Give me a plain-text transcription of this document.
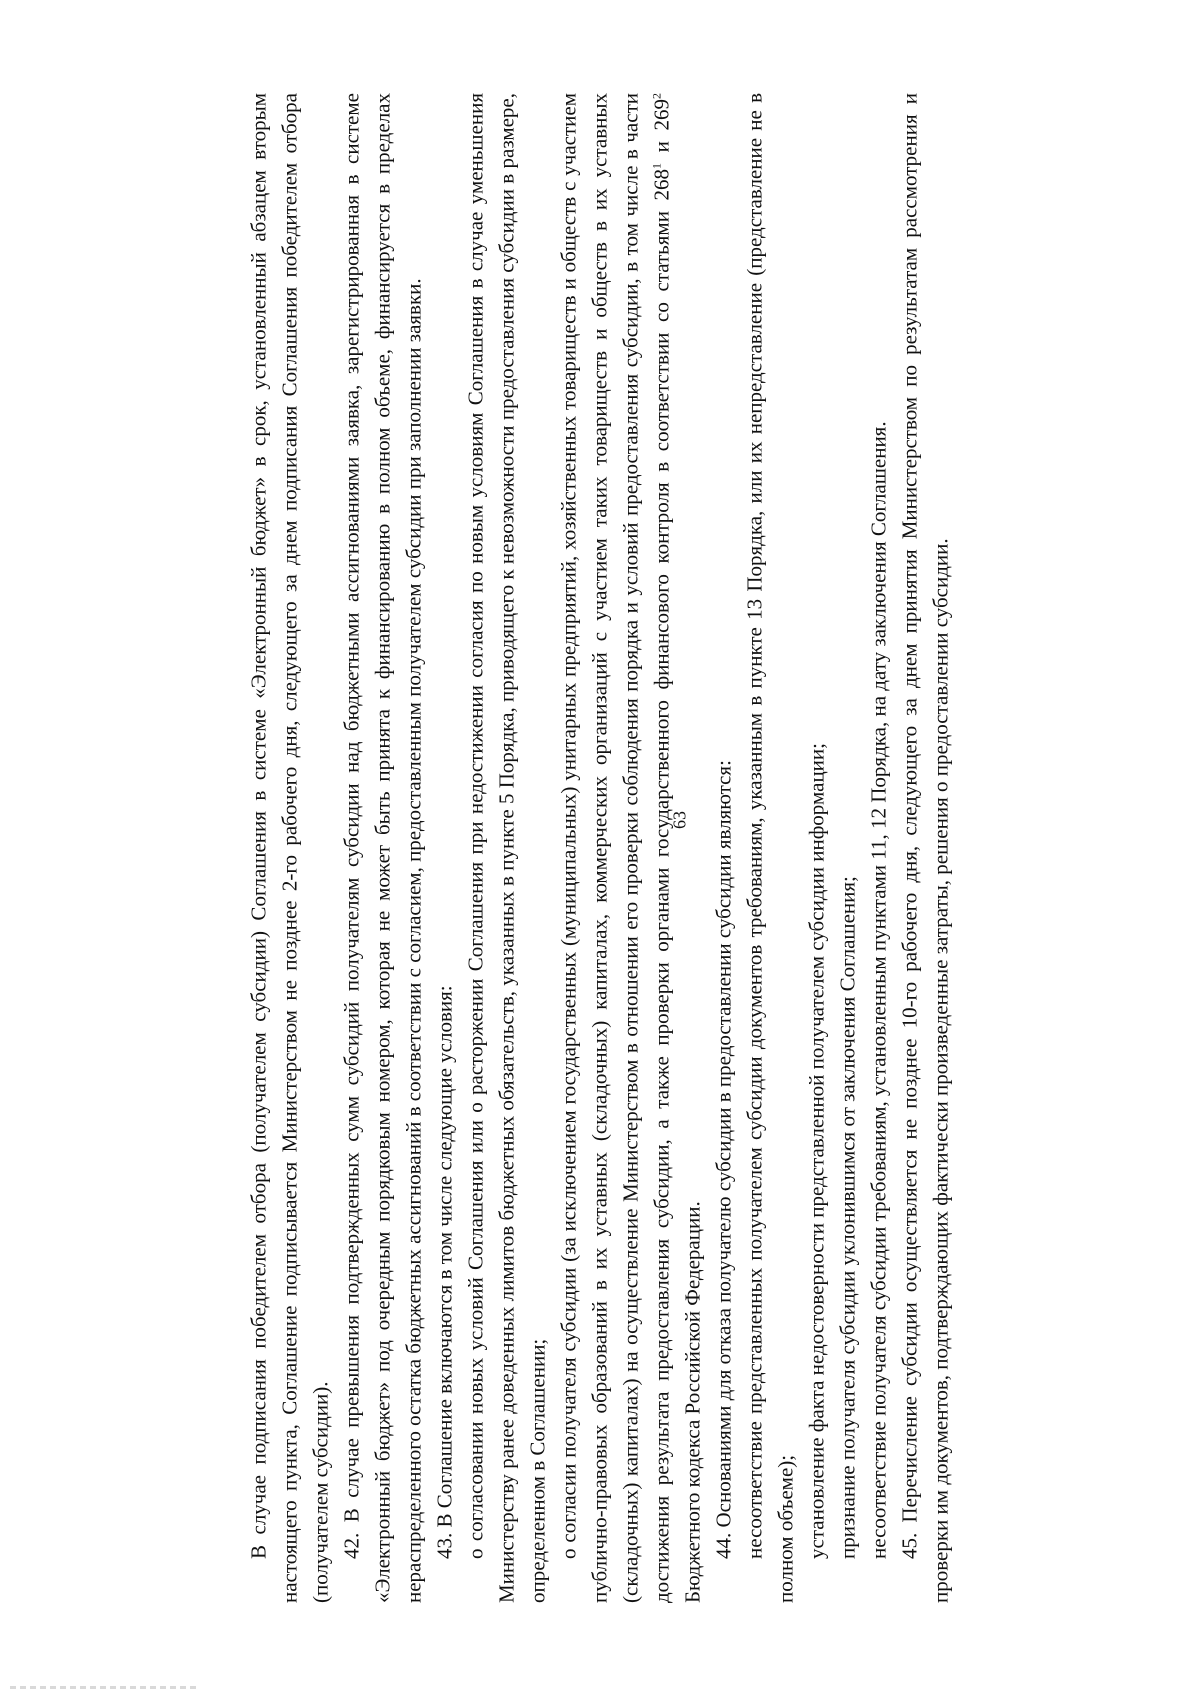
63

В случае подписания победителем отбора (получателем субсидии) Соглашения в системе «Электронный бюджет» в срок, установленный абзацем вторым настоящего пункта, Соглашение подписывается Министерством не позднее 2-го рабочего дня, следующего за днем подписания Соглашения победителем отбора (получателем субсидии). 42. В случае превышения подтвержденных сумм субсидий получателям субсидии над бюджетными ассигнованиями заявка, зарегистрированная в системе «Электронный бюджет» под очередным порядковым номером, которая не может быть принята к финансированию в полном объеме, финансируется в пределах нераспределенного остатка бюджетных ассигнований в соответствии с согласием, предоставленным получателем субсидии при заполнении заявки. 43. В Соглашение включаются в том числе следующие условия: о согласовании новых условий Соглашения или о расторжении Соглашения при недостижении согласия по новым условиям Соглашения в случае уменьшения Министерству ранее доведенных лимитов бюджетных обязательств, указанных в пункте 5 Порядка, приводящего к невозможности предоставления субсидии в размере, определенном в Соглашении; о согласии получателя субсидии (за исключением государственных (муниципальных) унитарных предприятий, хозяйственных товариществ и обществ с участием публично-правовых образований в их уставных (складочных) капиталах, коммерческих организаций с участием таких товариществ и обществ в их уставных (складочных) капиталах) на осуществление Министерством в отношении его проверки соблюдения порядка и условий предоставления субсидии, в том числе в части достижения результата предоставления субсидии, а также проверки органами государственного финансового контроля в соответствии со статьями $268^1$ и $269^2$ Бюджетного кодекса Российской Федерации. 44. Основаниями для отказа получателю субсидии в предоставлении субсидии являются: несоответствие представленных получателем субсидии документов требованиям, указанным в пункте 13 Порядка, или их непредставление (представление не в полном объеме); установление факта недостоверности представленной получателем субсидии информации; признание получателя субсидии уклонившимся от заключения Соглашения; несоответствие получателя субсидии требованиям, установленным пунктами 11, 12 Порядка, на дату заключения Соглашения. 45. Перечисление субсидии осуществляется не позднее 10-го рабочего дня, следующего за днем принятия Министерством по результатам рассмотрения и проверки им документов, подтверждающих фактически произведенные затраты, решения о предоставлении субсидии.
